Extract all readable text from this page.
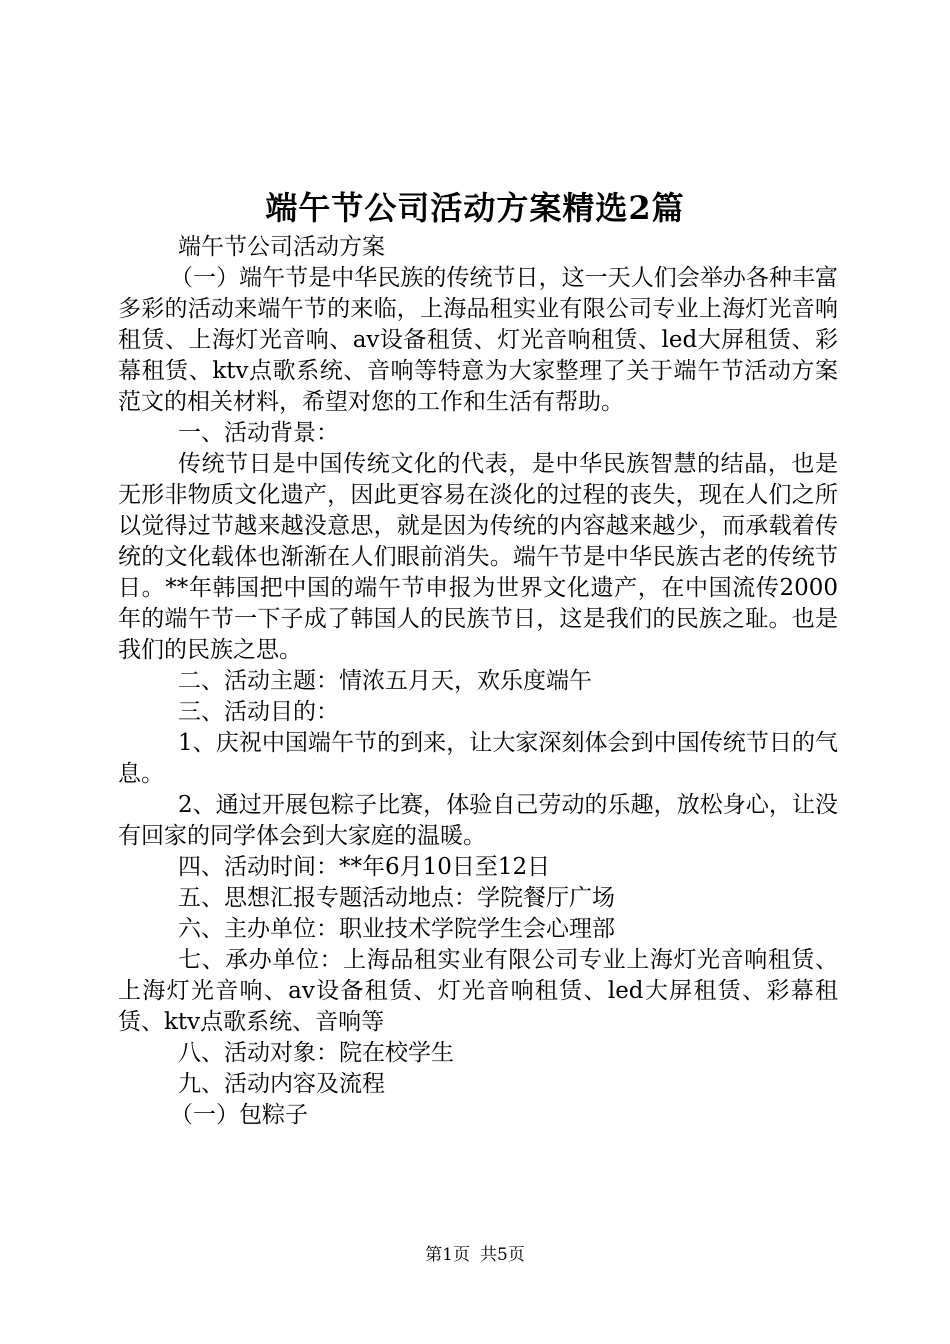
端午节公司活动方案精选2篇

端午节公司活动方案

（一）端午节是中华民族的传统节日，这一天人们会举办各种丰富多彩的活动来端午节的来临，上海品租实业有限公司专业上海灯光音响租赁、上海灯光音响、av设备租赁、灯光音响租赁、led大屏租赁、彩幕租赁、ktv点歌系统、音响等特意为大家整理了关于端午节活动方案范文的相关材料，希望对您的工作和生活有帮助。

一、活动背景：

传统节日是中国传统文化的代表，是中华民族智慧的结晶，也是无形非物质文化遗产，因此更容易在淡化的过程的丧失，现在人们之所以觉得过节越来越没意思，就是因为传统的内容越来越少，而承载着传统的文化载体也渐渐在人们眼前消失。端午节是中华民族古老的传统节日。**年韩国把中国的端午节申报为世界文化遗产，在中国流传2000年的端午节一下子成了韩国人的民族节日，这是我们的民族之耻。也是我们的民族之思。

二、活动主题：情浓五月天，欢乐度端午

三、活动目的：

1、庆祝中国端午节的到来，让大家深刻体会到中国传统节日的气息。

2、通过开展包粽子比赛，体验自己劳动的乐趣，放松身心，让没有回家的同学体会到大家庭的温暖。

四、活动时间：**年6月10日至12日

五、思想汇报专题活动地点：学院餐厅广场

六、主办单位：职业技术学院学生会心理部

七、承办单位：上海品租实业有限公司专业上海灯光音响租赁、上海灯光音响、av设备租赁、灯光音响租赁、led大屏租赁、彩幕租赁、ktv点歌系统、音响等

八、活动对象：院在校学生

九、活动内容及流程

（一）包粽子

第1页 共5页
